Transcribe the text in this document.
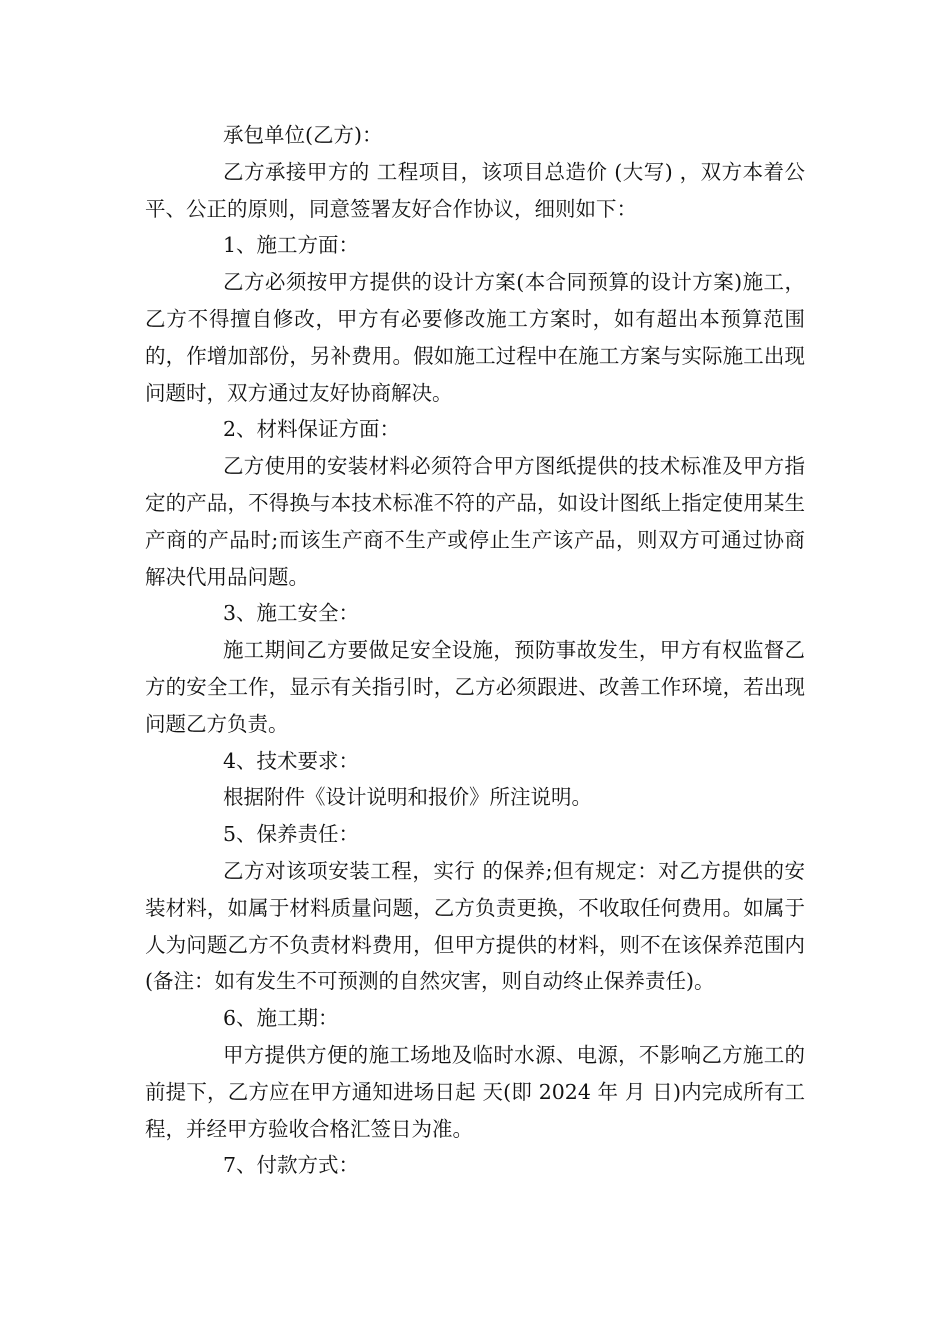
承包单位(乙方)：

乙方承接甲方的 工程项目，该项目总造价 (大写) ，双方本着公平、公正的原则，同意签署友好合作协议，细则如下：

1、施工方面：

乙方必须按甲方提供的设计方案(本合同预算的设计方案)施工，乙方不得擅自修改，甲方有必要修改施工方案时，如有超出本预算范围的，作增加部份，另补费用。假如施工过程中在施工方案与实际施工出现问题时，双方通过友好协商解决。

2、材料保证方面：

乙方使用的安装材料必须符合甲方图纸提供的技术标准及甲方指定的产品，不得换与本技术标准不符的产品，如设计图纸上指定使用某生产商的产品时;而该生产商不生产或停止生产该产品，则双方可通过协商解决代用品问题。

3、施工安全：

施工期间乙方要做足安全设施，预防事故发生，甲方有权监督乙方的安全工作，显示有关指引时，乙方必须跟进、改善工作环境，若出现问题乙方负责。

4、技术要求：

根据附件《设计说明和报价》所注说明。

5、保养责任：

乙方对该项安装工程，实行 的保养;但有规定：对乙方提供的安装材料，如属于材料质量问题，乙方负责更换，不收取任何费用。如属于人为问题乙方不负责材料费用，但甲方提供的材料，则不在该保养范围内(备注：如有发生不可预测的自然灾害，则自动终止保养责任)。

6、施工期：

甲方提供方便的施工场地及临时水源、电源，不影响乙方施工的前提下，乙方应在甲方通知进场日起 天(即 2024 年 月 日)内完成所有工程，并经甲方验收合格汇签日为准。

7、付款方式：
